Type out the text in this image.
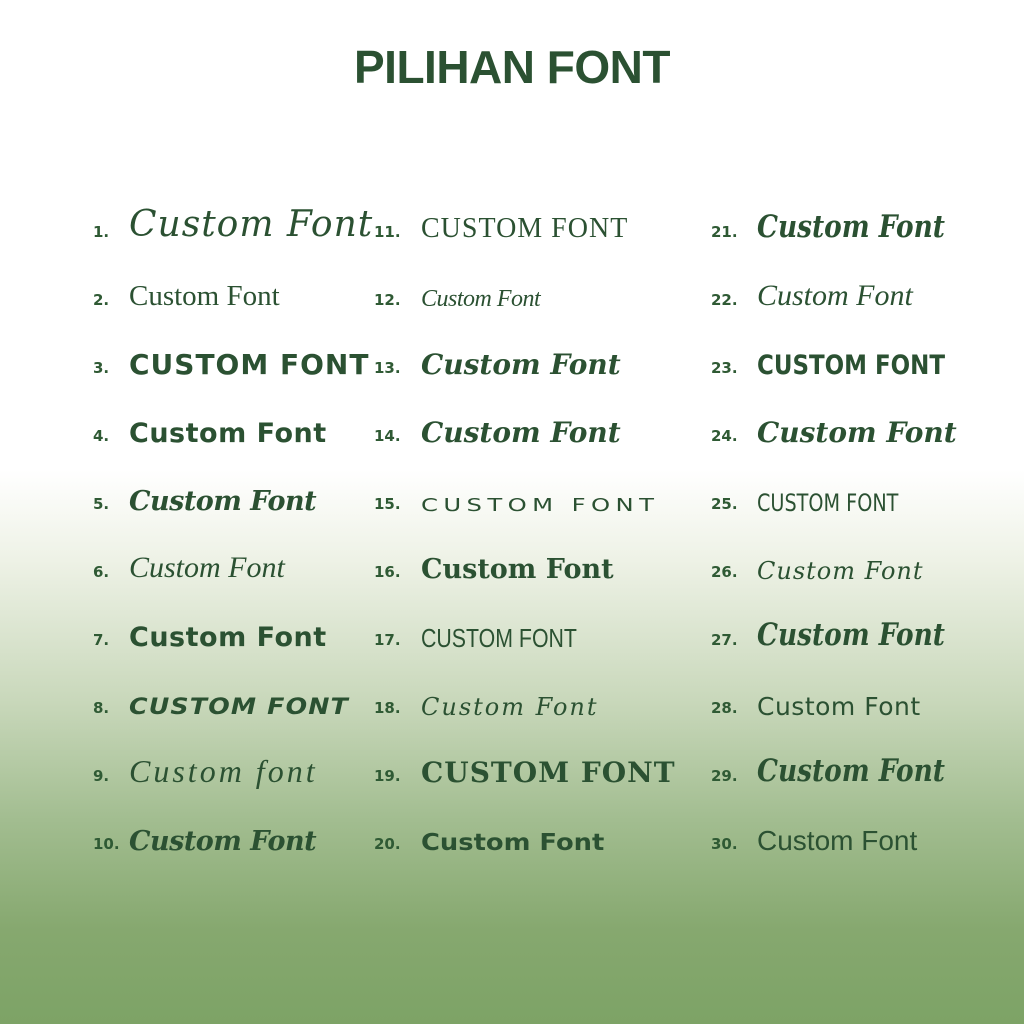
PILIHAN FONT
1. Custom Font
2. Custom Font
3. CUSTOM FONT
4. Custom Font
5. Custom Font
6. Custom Font
7. Custom Font
8. CUSTOM FONT
9. Custom font
10. Custom Font
11. CUSTOM FONT
12. Custom Font
13. Custom Font
14. Custom Font
15. CUSTOM FONT
16. Custom Font
17. CUSTOM FONT
18. Custom Font
19. CUSTOM FONT
20. Custom Font
21. Custom Font
22. Custom Font
23. CUSTOM FONT
24. Custom Font
25. CUSTOM FONT
26. Custom Font
27. Custom Font
28. Custom Font
29. Custom Font
30. Custom Font
